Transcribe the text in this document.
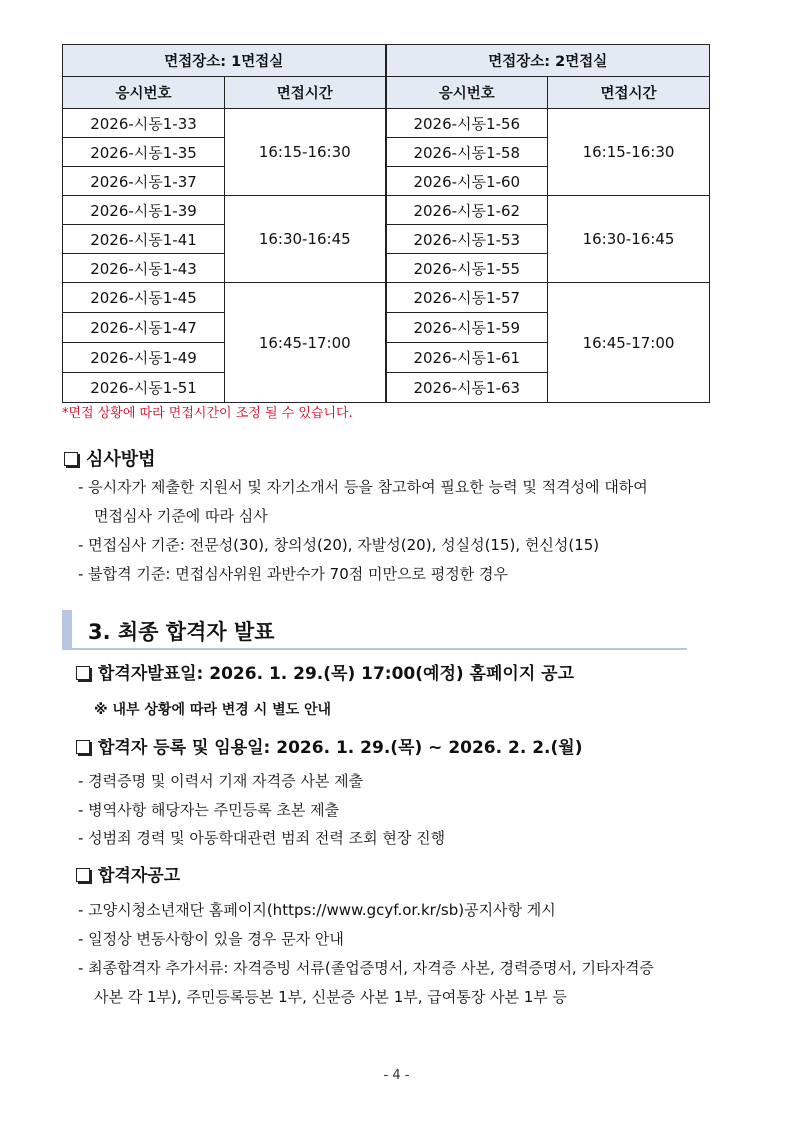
면접장소: 1면접실		면접장소: 2면접실	
응시번호	면접시간	응시번호	면접시간
2026-시동1-33	16:15-16:30	2026-시동1-56	16:15-16:30
2026-시동1-35		2026-시동1-58	
2026-시동1-37		2026-시동1-60	
2026-시동1-39	16:30-16:45	2026-시동1-62	16:30-16:45
2026-시동1-41		2026-시동1-53	
2026-시동1-43		2026-시동1-55	
2026-시동1-45	16:45-17:00	2026-시동1-57	16:45-17:00
2026-시동1-47		2026-시동1-59	
2026-시동1-49		2026-시동1-61	
2026-시동1-51		2026-시동1-63	
*면접 상황에 따라 면접시간이 조정 될 수 있습니다.
심사방법
- 응시자가 제출한 지원서 및 자기소개서 등을 참고하여 필요한 능력 및 적격성에 대하여
면접심사 기준에 따라 심사
- 면접심사 기준: 전문성(30), 창의성(20), 자발성(20), 성실성(15), 헌신성(15)
- 불합격 기준: 면접심사위원 과반수가 70점 미만으로 평정한 경우
3. 최종 합격자 발표
합격자발표일: 2026. 1. 29.(목) 17:00(예정) 홈페이지 공고
※ 내부 상황에 따라 변경 시 별도 안내
합격자 등록 및 임용일: 2026. 1. 29.(목) ~ 2026. 2. 2.(월)
- 경력증명 및 이력서 기재 자격증 사본 제출
- 병역사항 해당자는 주민등록 초본 제출
- 성범죄 경력 및 아동학대관련 범죄 전력 조회 현장 진행
합격자공고
- 고양시청소년재단 홈페이지(https://www.gcyf.or.kr/sb)공지사항 게시
- 일정상 변동사항이 있을 경우 문자 안내
- 최종합격자 추가서류: 자격증빙 서류(졸업증명서, 자격증 사본, 경력증명서, 기타자격증
사본 각 1부), 주민등록등본 1부, 신분증 사본 1부, 급여통장 사본 1부 등
- 4 -
